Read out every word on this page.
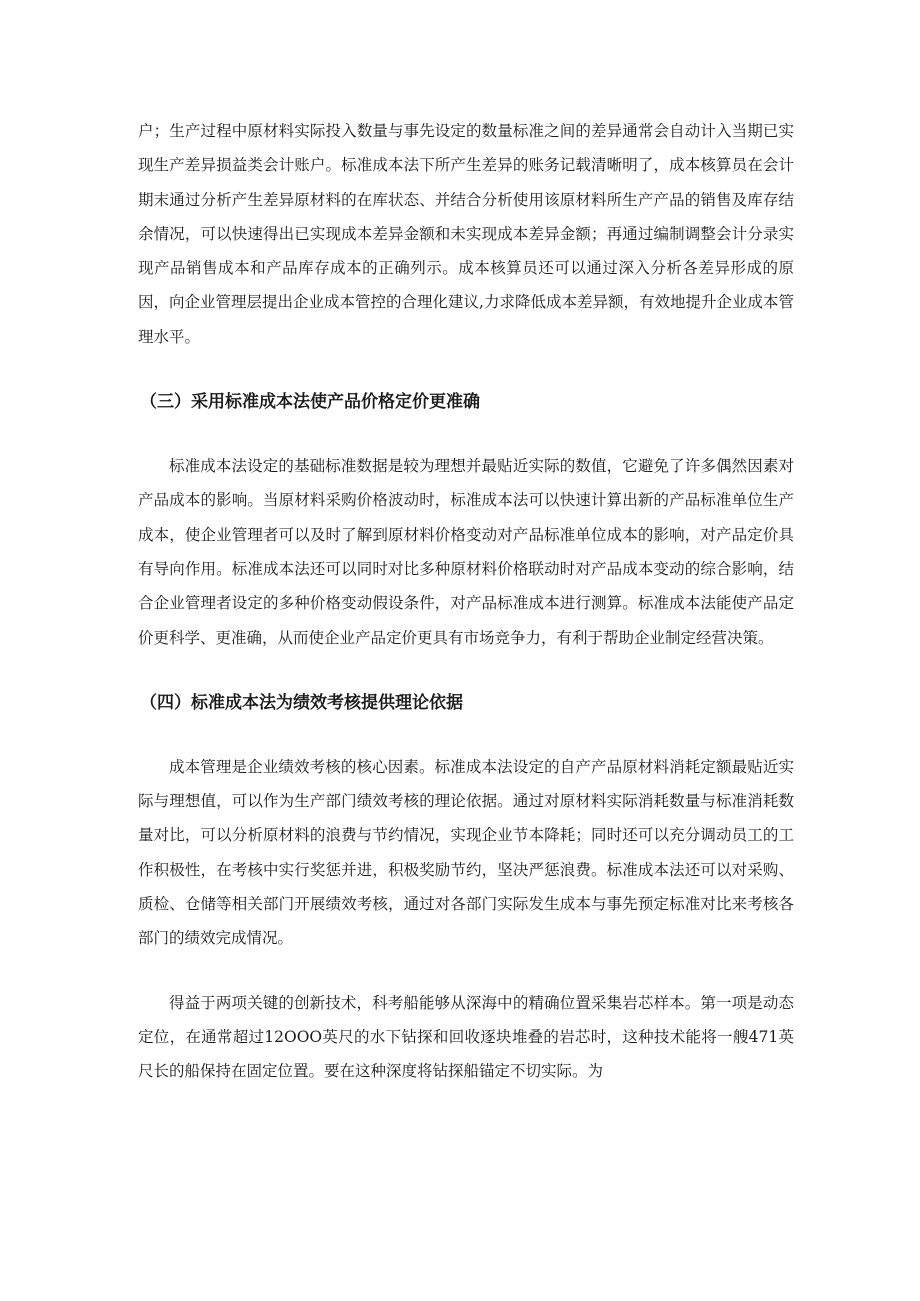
户；生产过程中原材料实际投入数量与事先设定的数量标准之间的差异通常会自动计入当期已实现生产差异损益类会计账户。标准成本法下所产生差异的账务记载清晰明了，成本核算员在会计期末通过分析产生差异原材料的在库状态、并结合分析使用该原材料所生产产品的销售及库存结余情况，可以快速得出已实现成本差异金额和未实现成本差异金额；再通过编制调整会计分录实现产品销售成本和产品库存成本的正确列示。成本核算员还可以通过深入分析各差异形成的原因，向企业管理层提出企业成本管控的合理化建议,力求降低成本差异额，有效地提升企业成本管理水平。

（三）采用标准成本法使产品价格定价更准确

标准成本法设定的基础标准数据是较为理想并最贴近实际的数值，它避免了许多偶然因素对产品成本的影响。当原材料采购价格波动时，标准成本法可以快速计算出新的产品标准单位生产成本，使企业管理者可以及时了解到原材料价格变动对产品标准单位成本的影响，对产品定价具有导向作用。标准成本法还可以同时对比多种原材料价格联动时对产品成本变动的综合影响，结合企业管理者设定的多种价格变动假设条件，对产品标准成本进行测算。标准成本法能使产品定价更科学、更准确，从而使企业产品定价更具有市场竞争力，有利于帮助企业制定经营决策。

（四）标准成本法为绩效考核提供理论依据

成本管理是企业绩效考核的核心因素。标准成本法设定的自产产品原材料消耗定额最贴近实际与理想值，可以作为生产部门绩效考核的理论依据。通过对原材料实际消耗数量与标准消耗数量对比，可以分析原材料的浪费与节约情况，实现企业节本降耗；同时还可以充分调动员工的工作积极性，在考核中实行奖惩并进，积极奖励节约，坚决严惩浪费。标准成本法还可以对采购、质检、仓储等相关部门开展绩效考核，通过对各部门实际发生成本与事先预定标准对比来考核各部门的绩效完成情况。

得益于两项关键的创新技术，科考船能够从深海中的精确位置采集岩芯样本。第一项是动态定位，在通常超过12OOO英尺的水下钻探和回收逐块堆叠的岩芯时，这种技术能将一艘471英尺长的船保持在固定位置。要在这种深度将钻探船锚定不切实际。为
